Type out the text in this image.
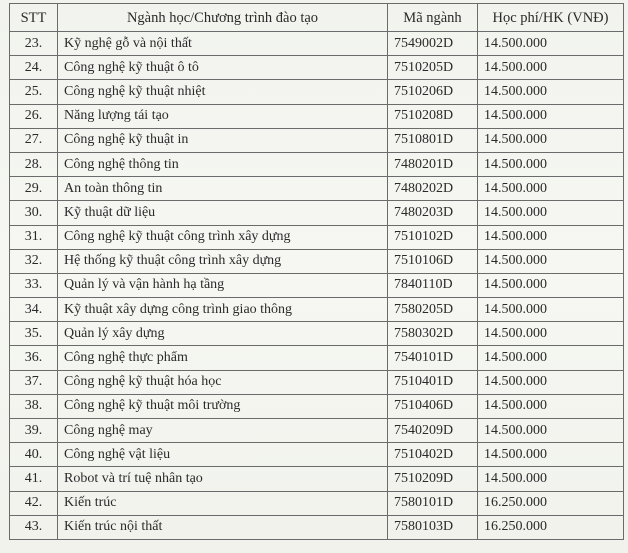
STT	Ngành học/Chương trình đào tạo	Mã ngành	Học phí/HK (VNĐ)
23.	Kỹ nghệ gỗ và nội thất	7549002D	14.500.000
24.	Công nghệ kỹ thuật ô tô	7510205D	14.500.000
25.	Công nghệ kỹ thuật nhiệt	7510206D	14.500.000
26.	Năng lượng tái tạo	7510208D	14.500.000
27.	Công nghệ kỹ thuật in	7510801D	14.500.000
28.	Công nghệ thông tin	7480201D	14.500.000
29.	An toàn thông tin	7480202D	14.500.000
30.	Kỹ thuật dữ liệu	7480203D	14.500.000
31.	Công nghệ kỹ thuật công trình xây dựng	7510102D	14.500.000
32.	Hệ thống kỹ thuật công trình xây dựng	7510106D	14.500.000
33.	Quản lý và vận hành hạ tầng	7840110D	14.500.000
34.	Kỹ thuật xây dựng công trình giao thông	7580205D	14.500.000
35.	Quản lý xây dựng	7580302D	14.500.000
36.	Công nghệ thực phẩm	7540101D	14.500.000
37.	Công nghệ kỹ thuật hóa học	7510401D	14.500.000
38.	Công nghệ kỹ thuật môi trường	7510406D	14.500.000
39.	Công nghệ may	7540209D	14.500.000
40.	Công nghệ vật liệu	7510402D	14.500.000
41.	Robot và trí tuệ nhân tạo	7510209D	14.500.000
42.	Kiến trúc	7580101D	16.250.000
43.	Kiến trúc nội thất	7580103D	16.250.000
